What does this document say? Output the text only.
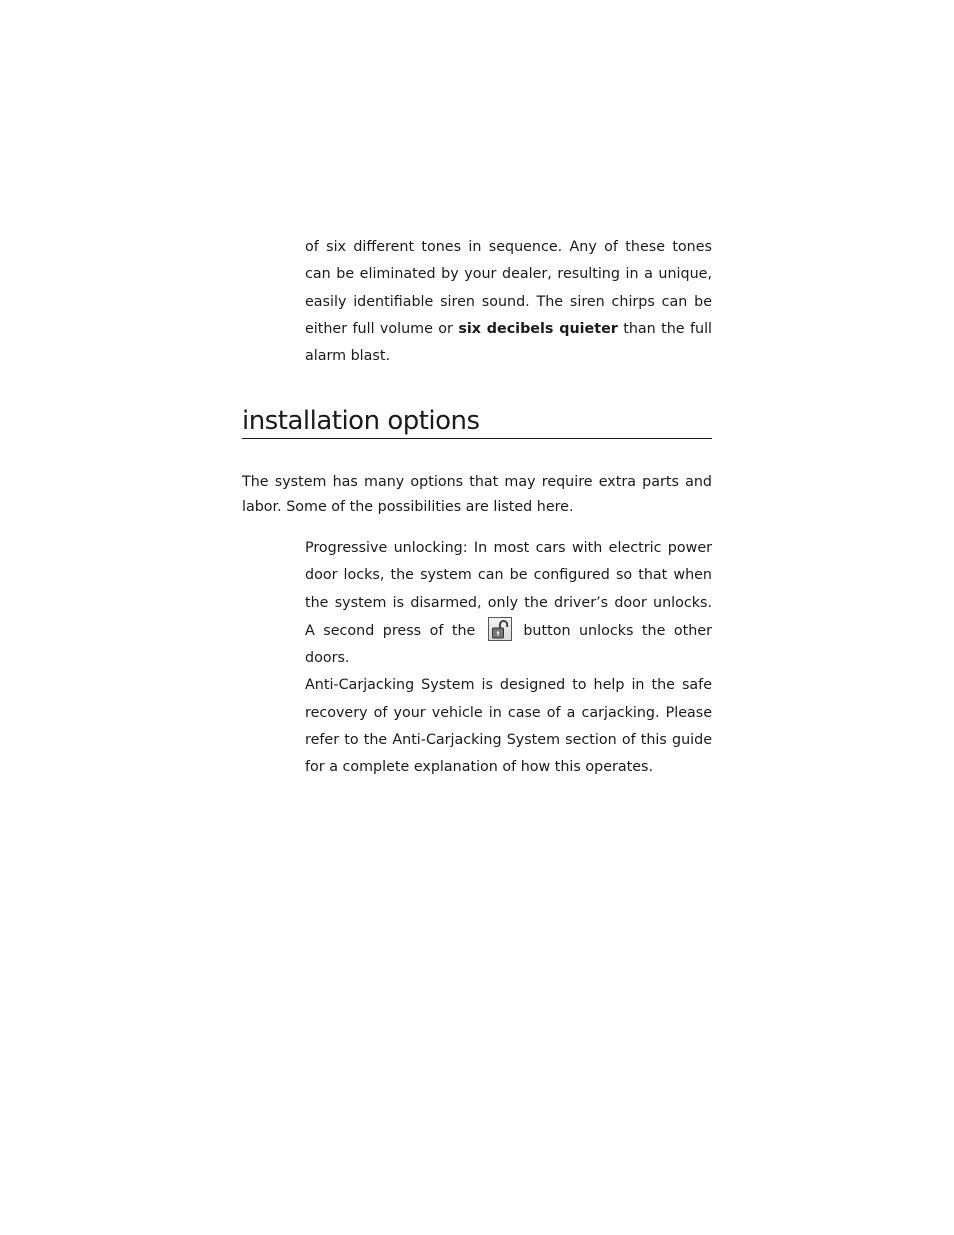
of six different tones in sequence. Any of these tones can be eliminated by your dealer, resulting in a unique, easily identifiable siren sound. The siren chirps can be either full volume or six decibels quieter than the full alarm blast.

installation options

The system has many options that may require extra parts and labor. Some of the possibilities are listed here.

Progressive unlocking: In most cars with electric power door locks, the system can be configured so that when the system is disarmed, only the driver’s door unlocks. A second press of the
button unlocks the other doors.

Anti-Carjacking System is designed to help in the safe recovery of your vehicle in case of a carjacking. Please refer to the Anti-Carjacking System section of this guide for a complete explanation of how this operates.
